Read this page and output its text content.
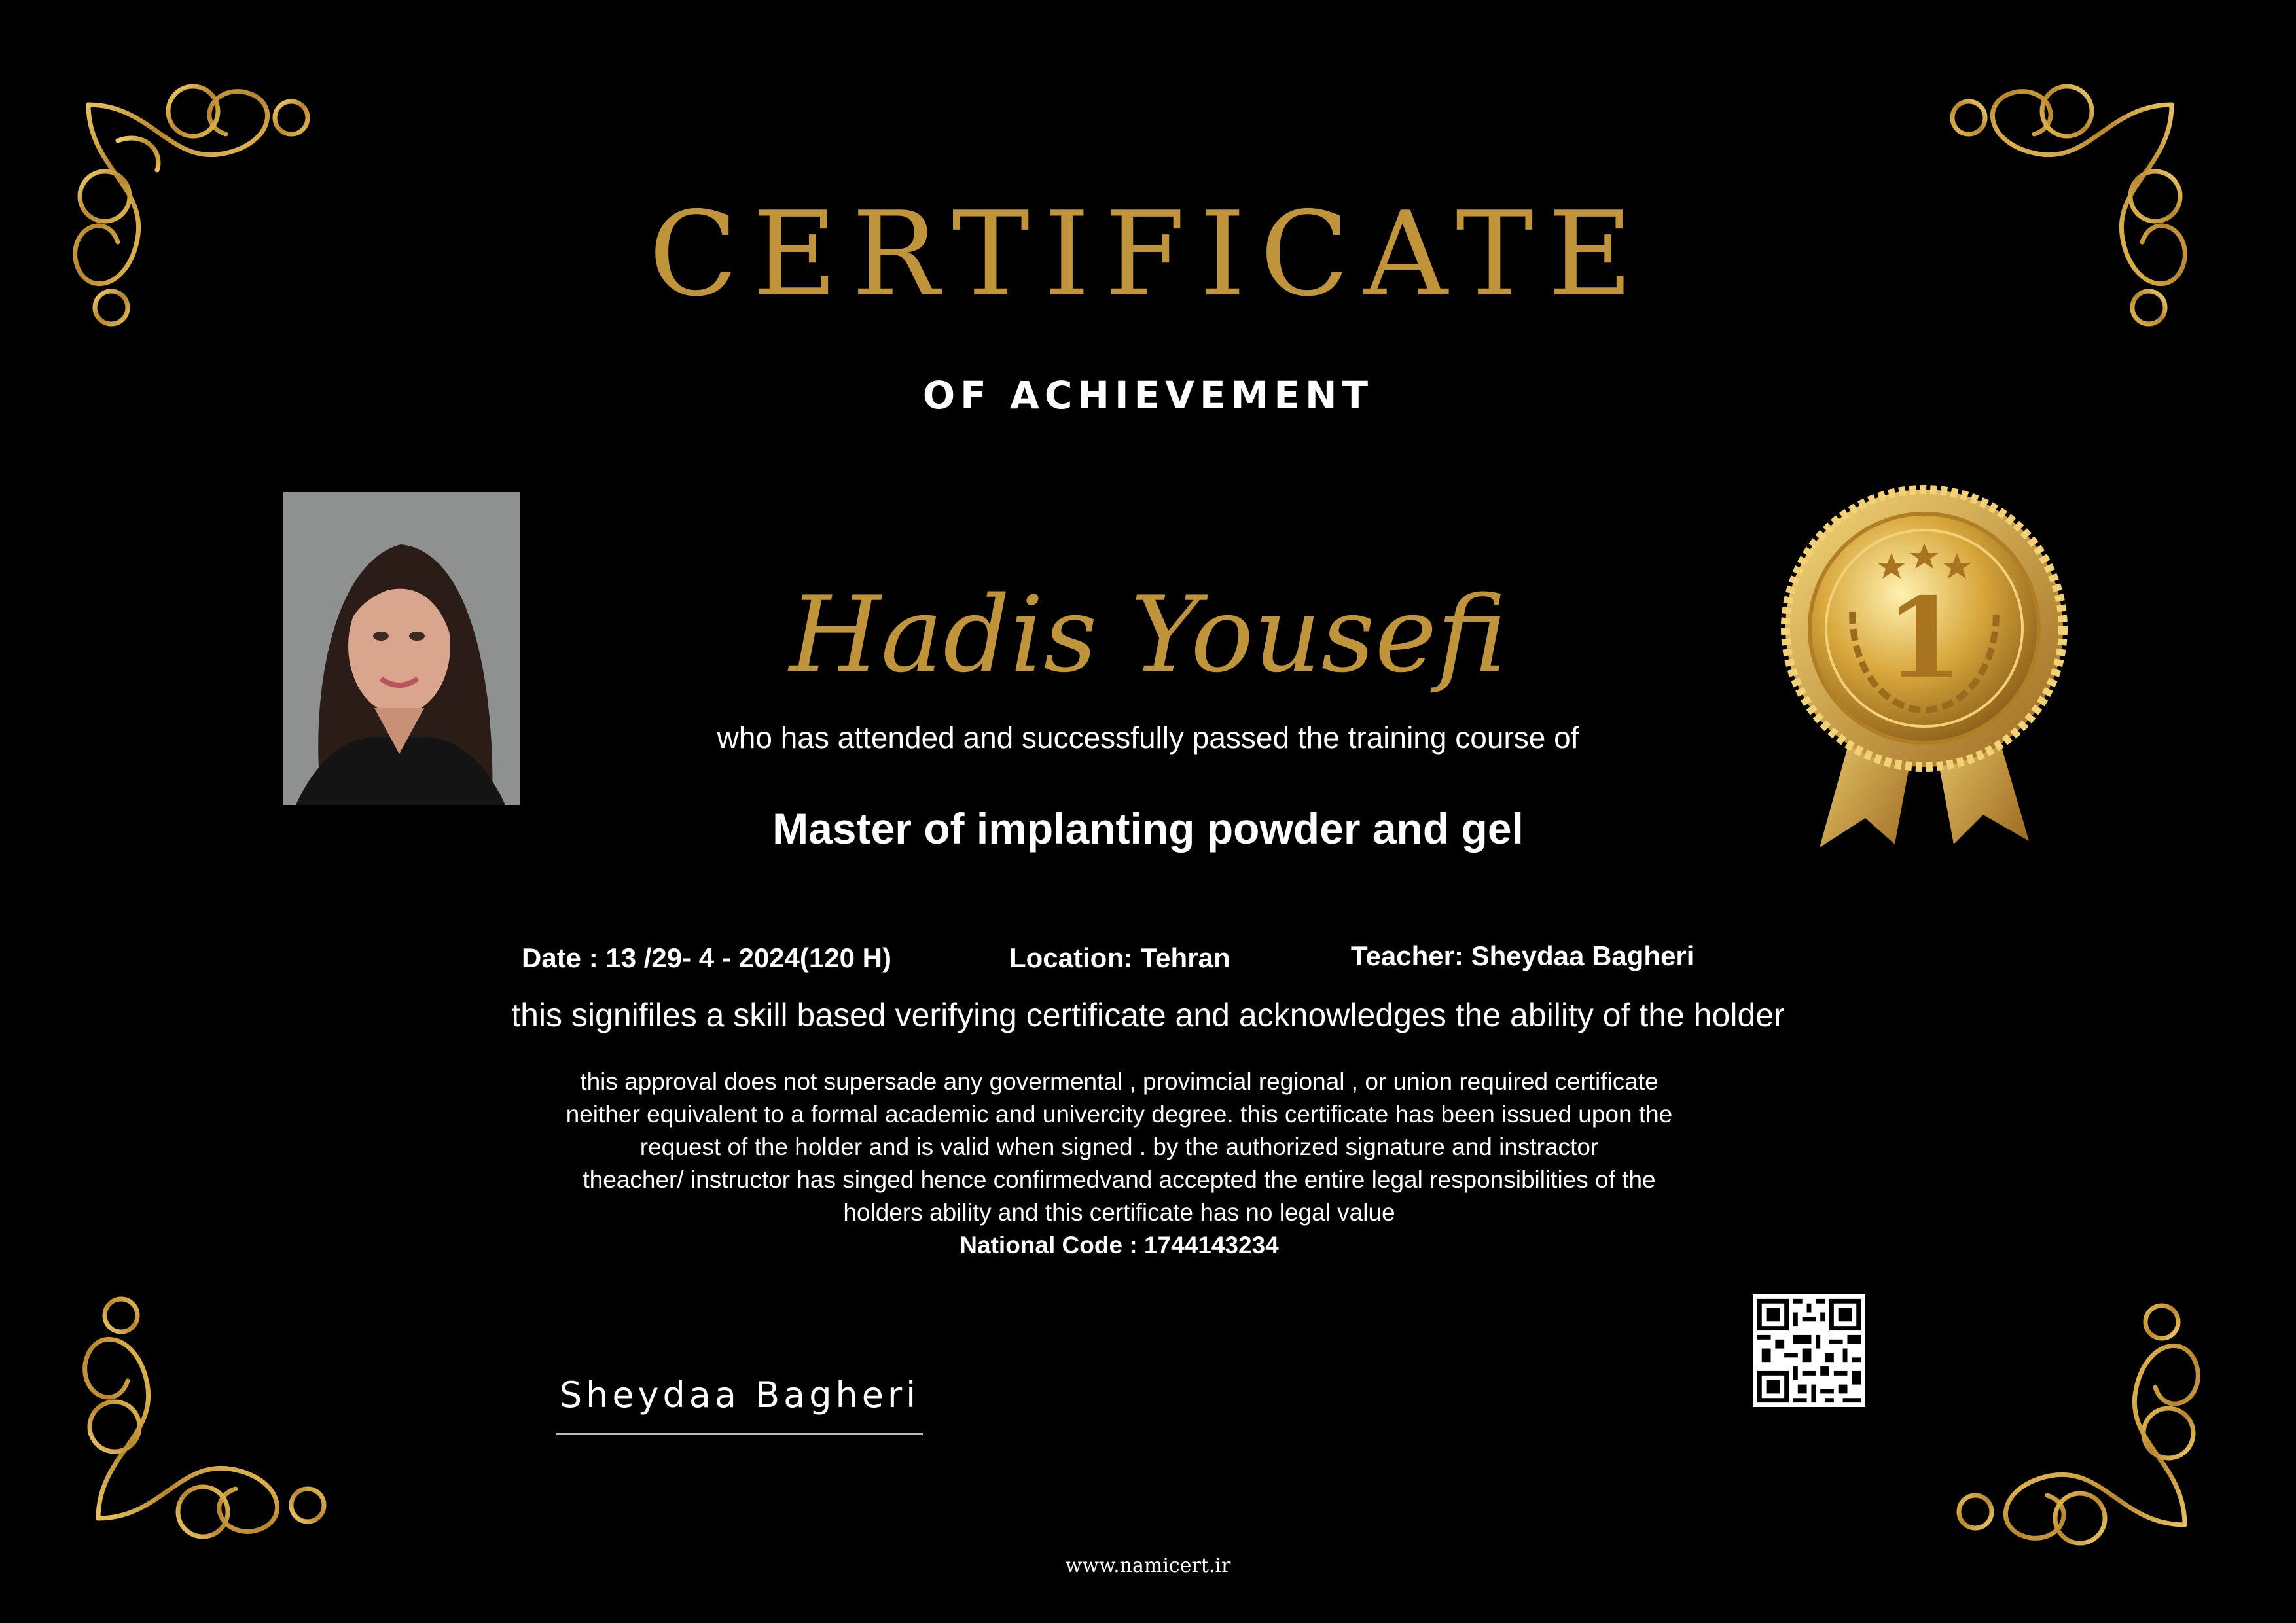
CERTIFICATE
OF ACHIEVEMENT
Hadis Yousefi
who has attended and successfully passed the training course of
Master of implanting powder and gel
Date : 13 /29- 4 - 2024(120 H)	Location: Tehran	Teacher: Sheydaa Bagheri
this signifiles a skill based verifying certificate and acknowledges the ability of the holder
this approval does not supersade any govermental , provimcial regional , or union required certificate
neither equivalent to a formal academic and univercity degree. this certificate has been issued upon the
request of the holder and is valid when signed . by the authorized signature and instractor
theacher/ instructor has singed hence confirmedvand accepted the entire legal responsibilities of the
holders ability and this certificate has no legal value
National Code : 1744143234
1
Sheydaa Bagheri
www.namicert.ir
